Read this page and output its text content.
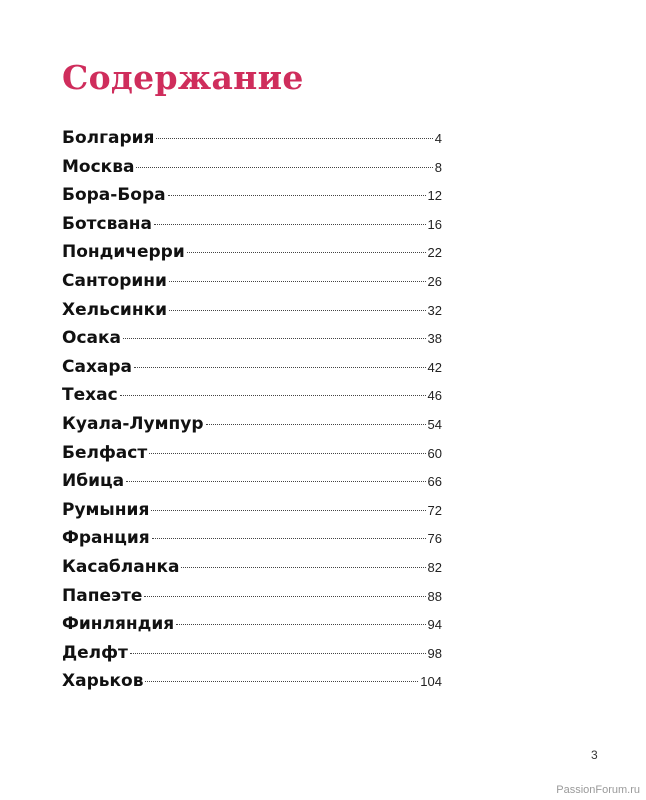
Содержание
Болгария	4
Москва	8
Бора-Бора	12
Ботсвана	16
Пондичерри	22
Санторини	26
Хельсинки	32
Осака	38
Сахара	42
Техас	46
Куала-Лумпур	54
Белфаст	60
Ибица	66
Румыния	72
Франция	76
Касабланка	82
Папеэте	88
Финляндия	94
Делфт	98
Харьков	104
3
PassionForum.ru
